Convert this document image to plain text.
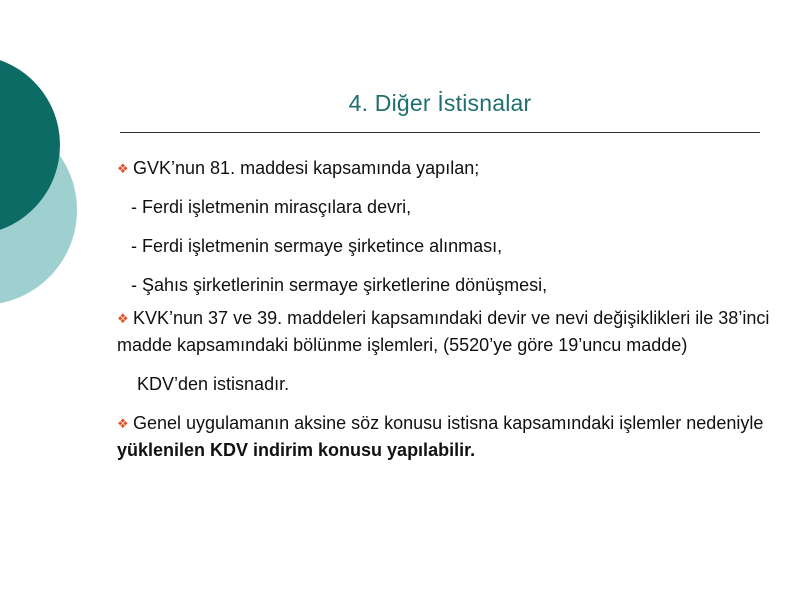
4. Diğer İstisnalar

❖ GVK’nun 81. maddesi kapsamında yapılan;

- Ferdi işletmenin mirasçılara devri,

- Ferdi işletmenin sermaye şirketince alınması,

- Şahıs şirketlerinin sermaye şirketlerine dönüşmesi,

❖ KVK’nun 37 ve 39. maddeleri kapsamındaki devir ve nevi değişiklikleri ile 38’inci madde kapsamındaki bölünme işlemleri, (5520’ye göre 19’uncu madde)

KDV’den istisnadır.

❖ Genel uygulamanın aksine söz konusu istisna kapsamındaki işlemler nedeniyle yüklenilen KDV indirim konusu yapılabilir.
